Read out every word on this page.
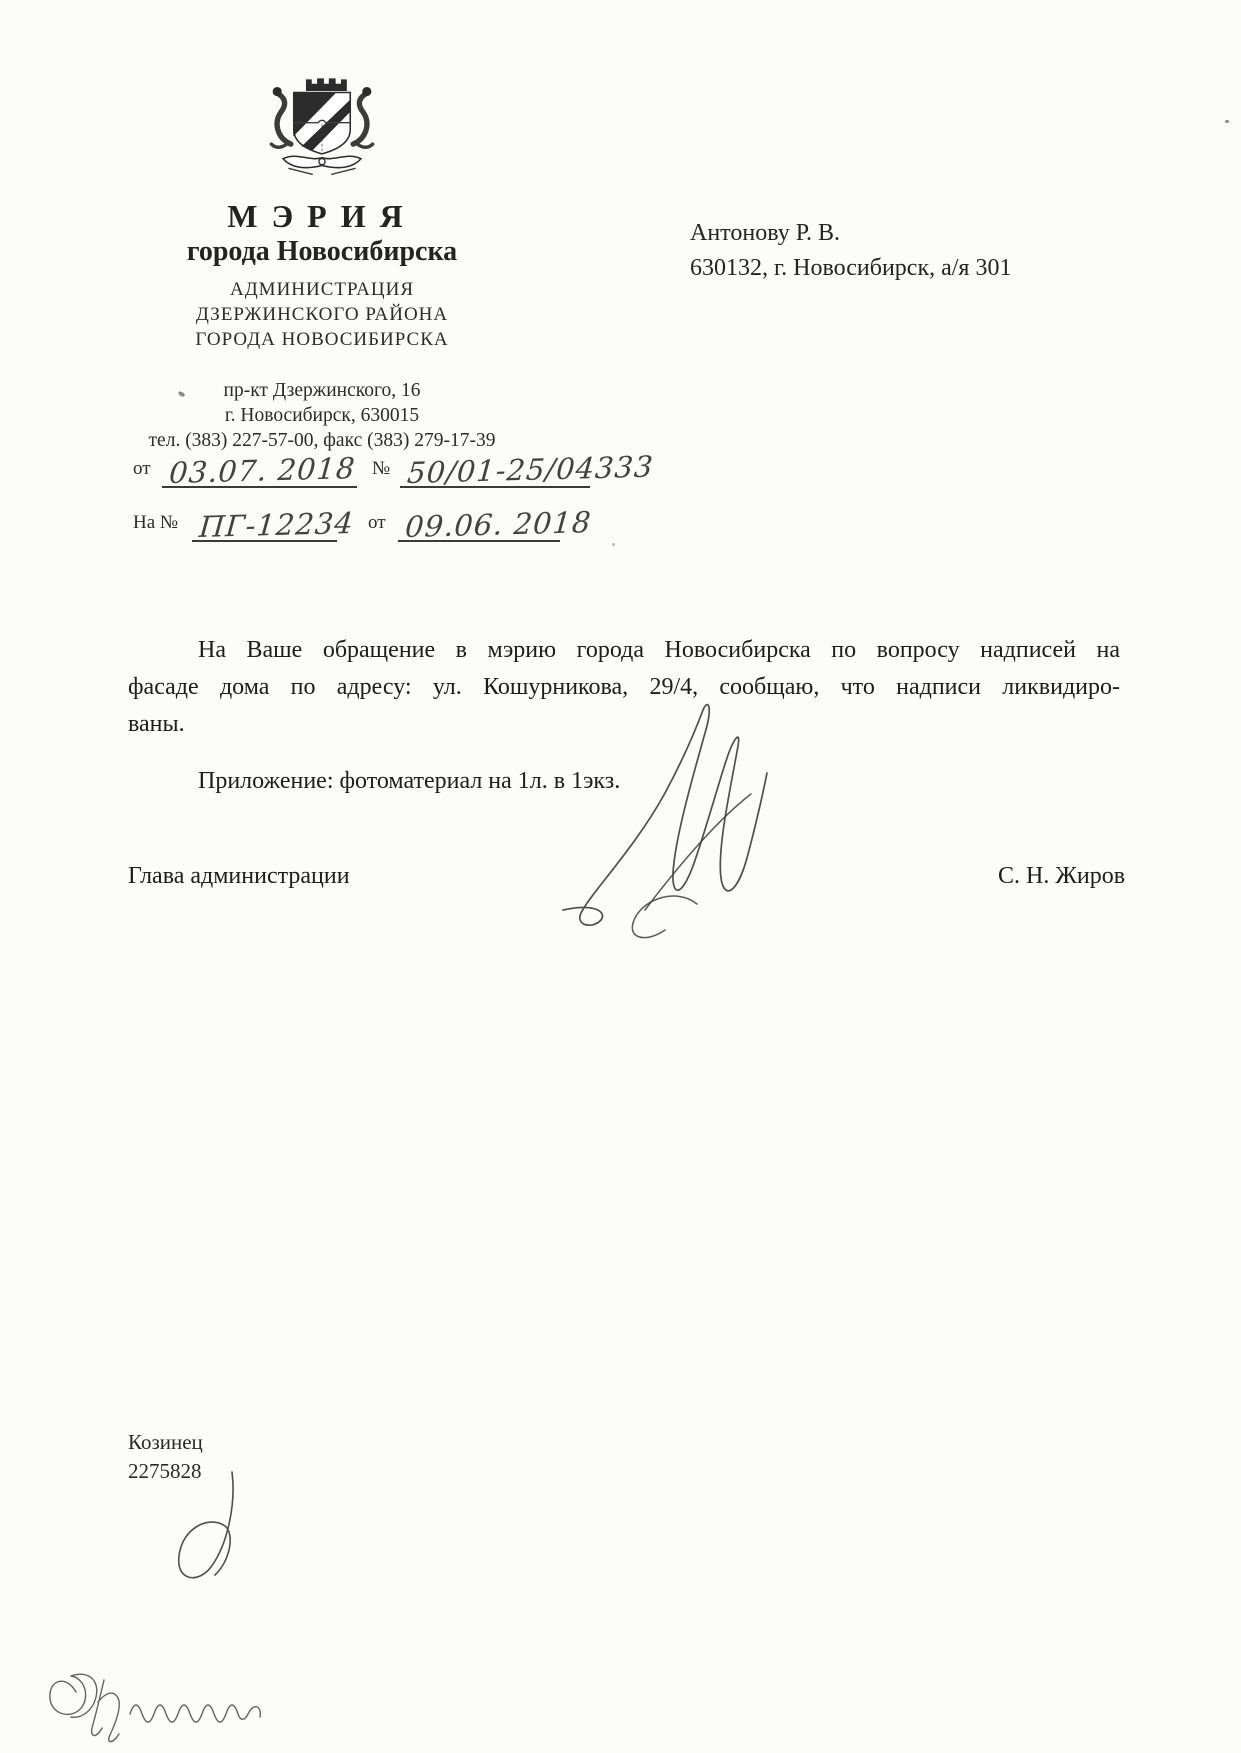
МЭРИЯ
города Новосибирска
АДМИНИСТРАЦИЯ
ДЗЕРЖИНСКОГО РАЙОНА
ГОРОДА НОВОСИБИРСКА
пр-кт Дзержинского, 16
г. Новосибирск, 630015
тел. (383) 227-57-00, факс (383) 279-17-39
от 03.07. 2018 № 50/01-25/04333
На № ПГ-12234 от 09.06. 2018
Антонову Р. В.
630132, г. Новосибирск, а/я 301
На Ваше обращение в мэрию города Новосибирска по вопросу надписей на
фасаде дома по адресу: ул. Кошурникова, 29/4, сообщаю, что надписи ликвидиро-
ваны.
Приложение: фотоматериал на 1л. в 1экз.
Глава администрации	С. Н. Жиров
Козинец
2275828
